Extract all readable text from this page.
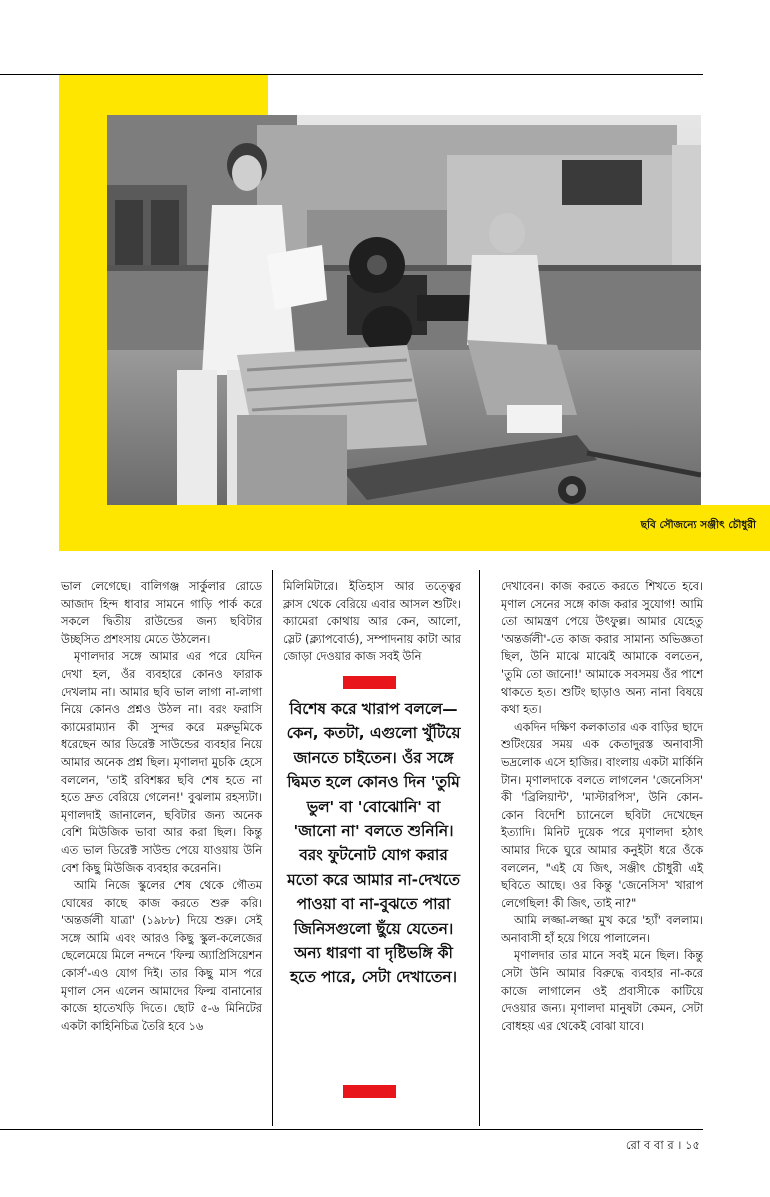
ছবি সৌজন্যে সঞ্জীৎ চৌধুরী

ভাল লেগেছে। বালিগঞ্জ সার্কুলার রোডে আজাদ হিন্দ ধাবার সামনে গাড়ি পার্ক করে সকলে দ্বিতীয় রাউন্ডের জন্য ছবিটার উচ্ছসিত প্রশংসায় মেতে উঠলেন।

মৃণালদার সঙ্গে আমার এর পরে যেদিন দেখা হল, ওঁর ব্যবহারে কোনও ফারাক দেখলাম না। আমার ছবি ভাল লাগা না-লাগা নিয়ে কোনও প্রশ্নও উঠল না। বরং ফরাসি ক্যামেরাম্যান কী সুন্দর করে মরুভূমিকে ধরেছেন আর ডিরেক্ট সাউন্ডের ব্যবহার নিয়ে আমার অনেক প্রশ্ন ছিল। মৃণালদা মুচকি হেসে বললেন, 'তাই রবিশঙ্কর ছবি শেষ হতে না হতে দ্রুত বেরিয়ে গেলেন!' বুঝলাম রহস্যটা। মৃণালদাই জানালেন, ছবিটার জন্য অনেক বেশি মিউজিক ভাবা আর করা ছিল। কিন্তু এত ভাল ডিরেক্ট সাউন্ড পেয়ে যাওয়ায় উনি বেশ কিছু মিউজিক ব্যবহার করেননি।

আমি নিজে স্কুলের শেষ থেকে গৌতম ঘোষের কাছে কাজ করতে শুরু করি। 'অন্তর্জলী যাত্রা' (১৯৮৮) দিয়ে শুরু। সেই সঙ্গে আমি এবং আরও কিছু স্কুল-কলেজের ছেলেমেয়ে মিলে নন্দনে 'ফিল্ম অ্যাপ্রিসিয়েশন কোর্স'-এও যোগ দিই। তার কিছু মাস পরে মৃণাল সেন এলেন আমাদের ফিল্ম বানানোর কাজে হাতেখড়ি দিতে। ছোট ৫-৬ মিনিটের একটা কাহিনিচিত্র তৈরি হবে ১৬

মিলিমিটারে। ইতিহাস আর তত্ত্বের ক্লাস থেকে বেরিয়ে এবার আসল শুটিং। ক্যামেরা কোথায় আর কেন, আলো, স্লেট (ক্ল্যাপবোর্ড), সম্পাদনায় কাটা আর জোড়া দেওয়ার কাজ সবই উনি

বিশেষ করে খারাপ বললে— কেন, কতটা, এগুলো খুঁটিয়ে জানতে চাইতেন। ওঁর সঙ্গে দ্বিমত হলে কোনও দিন 'তুমি ভুল' বা 'বোঝোনি' বা 'জানো না' বলতে শুনিনি। বরং ফুটনোট যোগ করার মতো করে আমার না-দেখতে পাওয়া বা না-বুঝতে পারা জিনিসগুলো ছুঁয়ে যেতেন। অন্য ধারণা বা দৃষ্টিভঙ্গি কী হতে পারে, সেটা দেখাতেন।

দেখাবেন। কাজ করতে করতে শিখতে হবে। মৃণাল সেনের সঙ্গে কাজ করার সুযোগ! আমি তো আমন্ত্রণ পেয়ে উৎফুল্ল। আমার যেহেতু 'অন্তর্জলী'-তে কাজ করার সামান্য অভিজ্ঞতা ছিল, উনি মাঝে মাঝেই আমাকে বলতেন, 'তুমি তো জানো!' আমাকে সবসময় ওঁর পাশে থাকতে হত। শুটিং ছাড়াও অন্য নানা বিষয়ে কথা হত।

একদিন দক্ষিণ কলকাতার এক বাড়ির ছাদে শুটিংয়ের সময় এক কেতাদুরস্ত অনাবাসী ভদ্রলোক এসে হাজির। বাংলায় একটা মার্কিনি টান। মৃণালদাকে বলতে লাগলেন 'জেনেসিস' কী 'ব্রিলিয়ান্ট', 'মাস্টারপিস', উনি কোন-কোন বিদেশি চ্যানেলে ছবিটা দেখেছেন ইত্যাদি। মিনিট দুয়েক পরে মৃণালদা হঠাৎ আমার দিকে ঘুরে আমার কনুইটা ধরে ওঁকে বললেন, "এই যে জিৎ, সঞ্জীৎ চৌধুরী এই ছবিতে আছে। ওর কিন্তু 'জেনেসিস' খারাপ লেগেছিল! কী জিৎ, তাই না?"

আমি লজ্জা-লজ্জা মুখ করে 'হ্যাঁ' বললাম। অনাবাসী হাঁ হয়ে গিয়ে পালালেন।

মৃণালদার তার মানে সবই মনে ছিল। কিন্তু সেটা উনি আমার বিরুদ্ধে ব্যবহার না-করে কাজে লাগালেন ওই প্রবাসীকে কাটিয়ে দেওয়ার জন্য। মৃণালদা মানুষটা কেমন, সেটা বোধহয় এর থেকেই বোঝা যাবে।

রো ব বা র । ১৫
